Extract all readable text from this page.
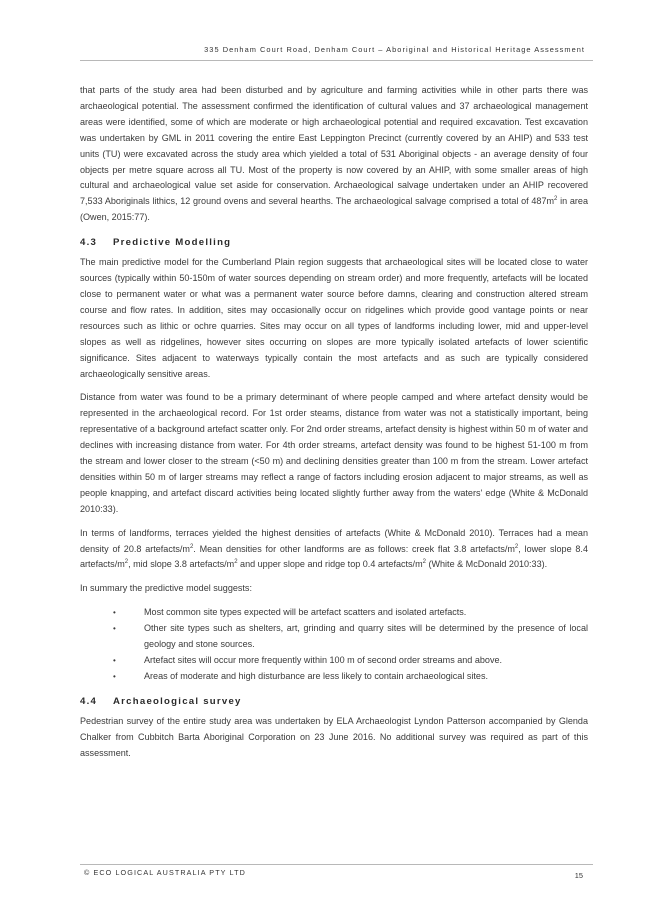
335 Denham Court Road, Denham Court – Aboriginal and Historical Heritage Assessment

that parts of the study area had been disturbed and by agriculture and farming activities while in other parts there was archaeological potential. The assessment confirmed the identification of cultural values and 37 archaeological management areas were identified, some of which are moderate or high archaeological potential and required excavation. Test excavation was undertaken by GML in 2011 covering the entire East Leppington Precinct (currently covered by an AHIP) and 533 test units (TU) were excavated across the study area which yielded a total of 531 Aboriginal objects - an average density of four objects per metre square across all TU. Most of the property is now covered by an AHIP, with some smaller areas of high cultural and archaeological value set aside for conservation. Archaeological salvage undertaken under an AHIP recovered 7,533 Aboriginals lithics, 12 ground ovens and several hearths. The archaeological salvage comprised a total of $487m^2$ in area (Owen, 2015:77).

4.3 Predictive Modelling

The main predictive model for the Cumberland Plain region suggests that archaeological sites will be located close to water sources (typically within 50-150m of water sources depending on stream order) and more frequently, artefacts will be located close to permanent water or what was a permanent water source before damns, clearing and construction altered stream course and flow rates. In addition, sites may occasionally occur on ridgelines which provide good vantage points or near resources such as lithic or ochre quarries. Sites may occur on all types of landforms including lower, mid and upper-level slopes as well as ridgelines, however sites occurring on slopes are more typically isolated artefacts of lower scientific significance. Sites adjacent to waterways typically contain the most artefacts and as such are typically considered archaeologically sensitive areas.

Distance from water was found to be a primary determinant of where people camped and where artefact density would be represented in the archaeological record. For 1st order steams, distance from water was not a statistically important, being representative of a background artefact scatter only. For 2nd order streams, artefact density is highest within 50 m of water and declines with increasing distance from water. For 4th order streams, artefact density was found to be highest 51-100 m from the stream and lower closer to the stream (<50 m) and declining densities greater than 100 m from the stream. Lower artefact densities within 50 m of larger streams may reflect a range of factors including erosion adjacent to major streams, as well as people knapping, and artefact discard activities being located slightly further away from the waters' edge (White & McDonald 2010:33).

In terms of landforms, terraces yielded the highest densities of artefacts (White & McDonald 2010). Terraces had a mean density of 20.8 artefacts/$m^2$. Mean densities for other landforms are as follows: creek flat 3.8 artefacts/$m^2$, lower slope 8.4 artefacts/$m^2$, mid slope 3.8 artefacts/$m^2$ and upper slope and ridge top 0.4 artefacts/$m^2$ (White & McDonald 2010:33).

In summary the predictive model suggests:

•	Most common site types expected will be artefact scatters and isolated artefacts.
•	Other site types such as shelters, art, grinding and quarry sites will be determined by the presence of local geology and stone sources.
•	Artefact sites will occur more frequently within 100 m of second order streams and above.
•	Areas of moderate and high disturbance are less likely to contain archaeological sites.
4.4 Archaeological survey

Pedestrian survey of the entire study area was undertaken by ELA Archaeologist Lyndon Patterson accompanied by Glenda Chalker from Cubbitch Barta Aboriginal Corporation on 23 June 2016. No additional survey was required as part of this assessment.

© ECO LOGICAL AUSTRALIA PTY LTD	15
